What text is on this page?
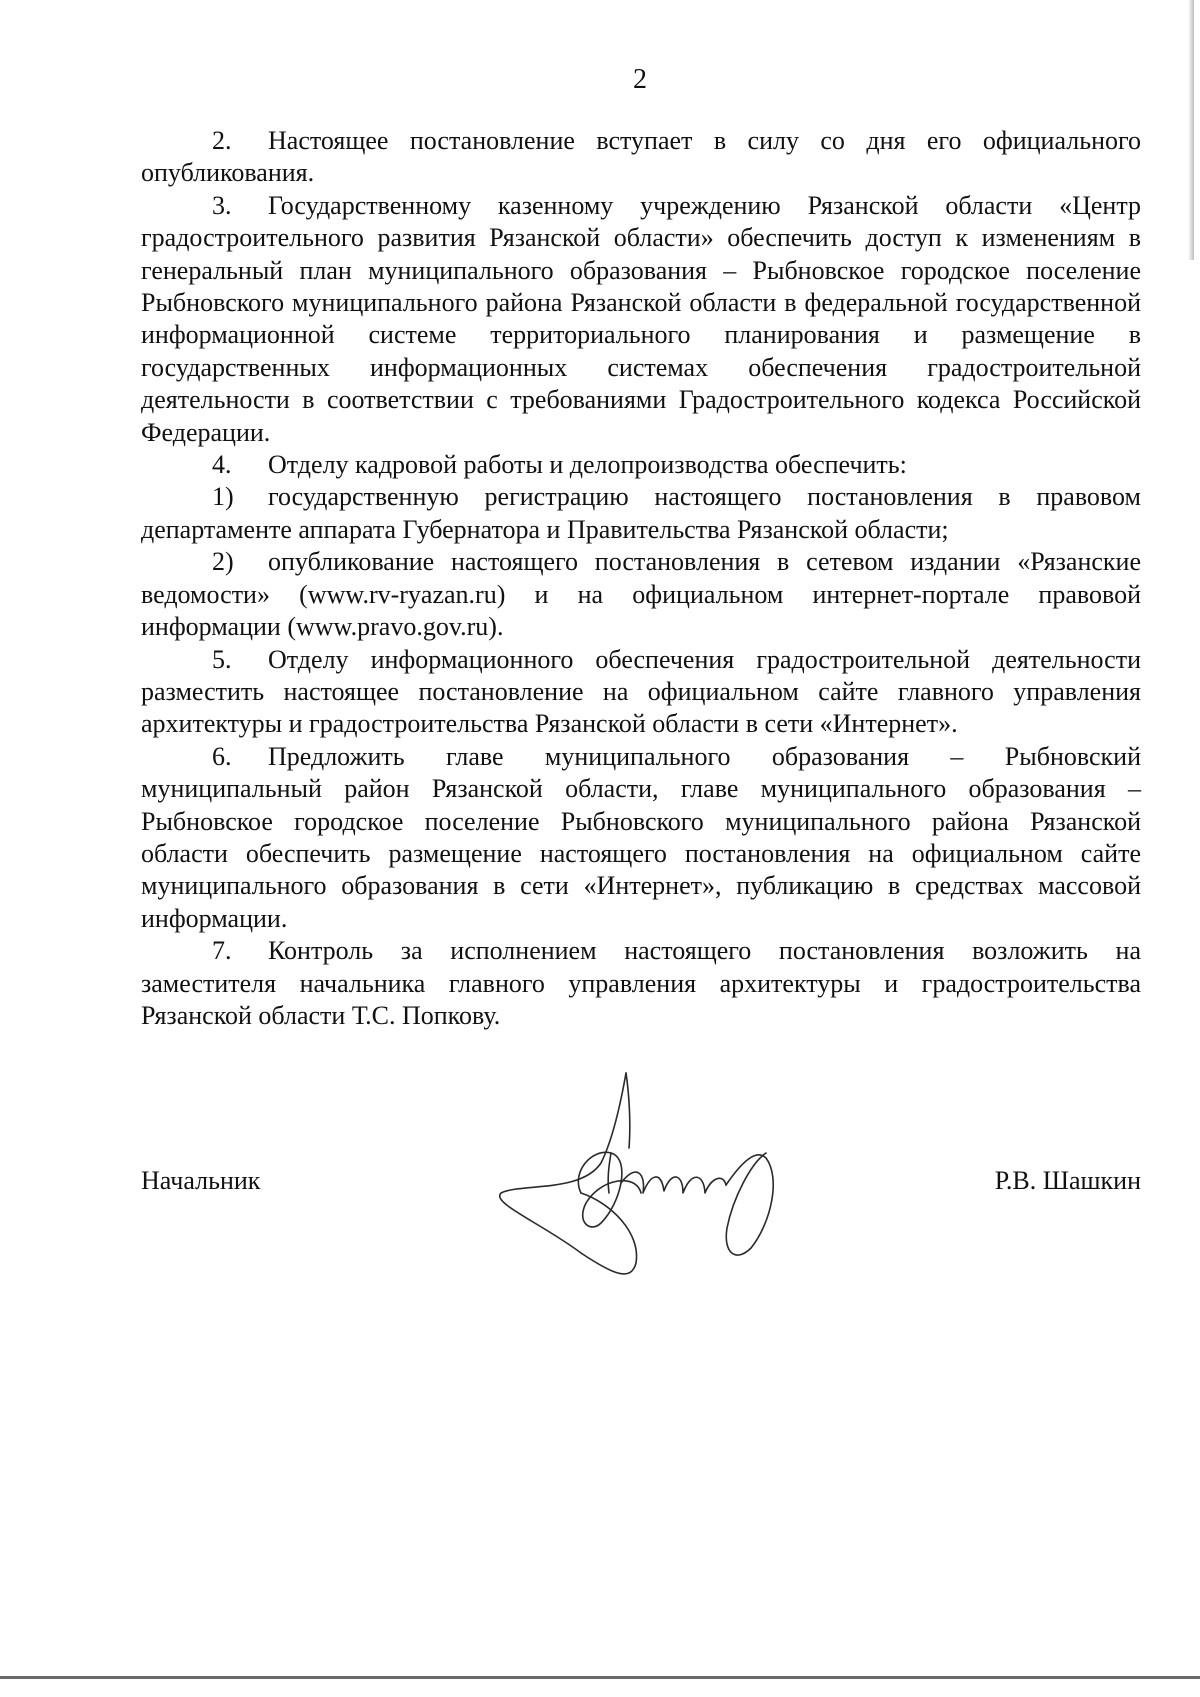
2

2. Настоящее постановление вступает в силу со дня его официального опубликования.

3. Государственному казенному учреждению Рязанской области «Центр градостроительного развития Рязанской области» обеспечить доступ к изменениям в генеральный план муниципального образования – Рыбновское городское поселение Рыбновского муниципального района Рязанской области в федеральной государственной информационной системе территориального планирования и размещение в государственных информационных системах обеспечения градостроительной деятельности в соответствии с требованиями Градостроительного кодекса Российской Федерации.

4. Отделу кадровой работы и делопроизводства обеспечить:

1) государственную регистрацию настоящего постановления в правовом департаменте аппарата Губернатора и Правительства Рязанской области;

2) опубликование настоящего постановления в сетевом издании «Рязанские ведомости» (www.rv-ryazan.ru) и на официальном интернет-портале правовой информации (www.pravo.gov.ru).

5. Отделу информационного обеспечения градостроительной деятельности разместить настоящее постановление на официальном сайте главного управления архитектуры и градостроительства Рязанской области в сети «Интернет».

6. Предложить главе муниципального образования – Рыбновский муниципальный район Рязанской области, главе муниципального образования – Рыбновское городское поселение Рыбновского муниципального района Рязанской области обеспечить размещение настоящего постановления на официальном сайте муниципального образования в сети «Интернет», публикацию в средствах массовой информации.

7. Контроль за исполнением настоящего постановления возложить на заместителя начальника главного управления архитектуры и градостроительства Рязанской области Т.С. Попкову.

Начальник	Р.В. Шашкин
